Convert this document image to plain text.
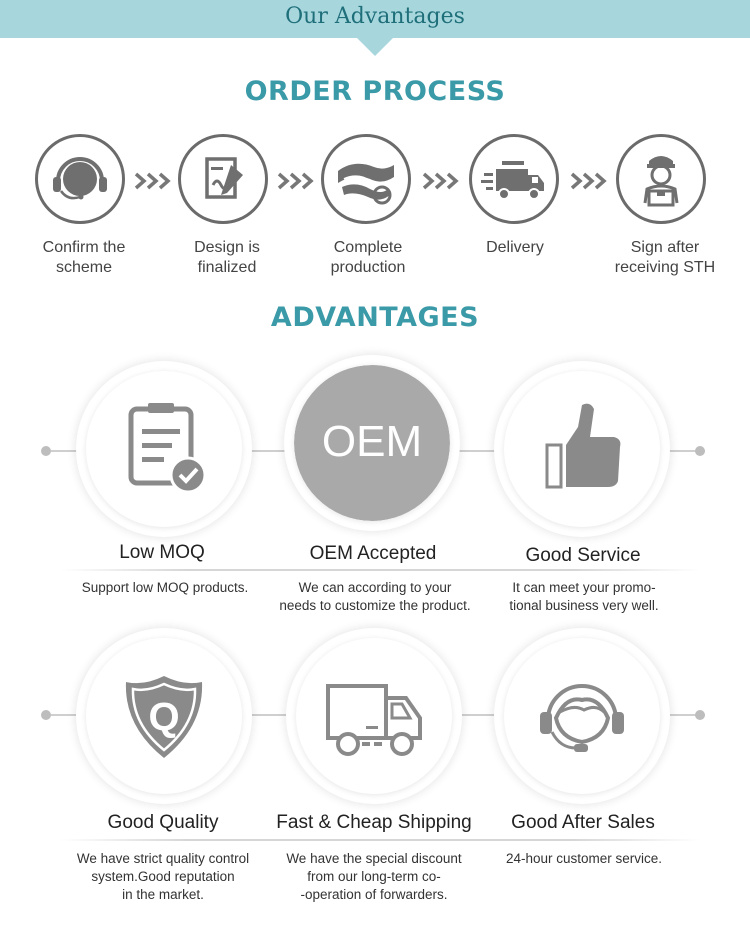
Our Advantages
ORDER PROCESS
Confirm the
scheme
Design is
finalized
Complete
production
Delivery	Sign after
receiving STH
ADVANTAGES
OEM
Low MOQ	OEM Accepted	Good Service
Support low MOQ products.	We can according to your
needs to customize the product.
It can meet your promo-
tional business very well.
Q
Good Quality	Fast & Cheap Shipping	Good After Sales
We have strict quality control
system.Good reputation
in the market.
We have the special discount
from our long-term co-
-operation of forwarders.
24-hour customer service.
